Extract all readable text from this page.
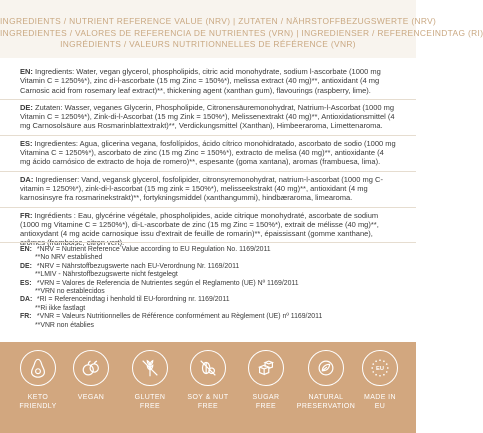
INGREDIENTS / NUTRIENT REFERENCE VALUE (NRV) | ZUTATEN / NÄHRSTOFFBEZUGSWERTE (NRV)
INGREDIENTES / VALORES DE REFERENCIA DE NUTRIENTES (VRN) | INGREDIENSER / REFERENCEINDTAG (RI)
INGRÉDIENTS / VALEURS NUTRITIONNELLES DE RÉFÉRENCE (VNR)
EN: Ingredients: Water, vegan glycerol, phospholipids, citric acid monohydrate, sodium l-ascorbate (1000 mg Vitamin C = 1250%*), zinc di-l-ascorbate (15 mg Zinc = 150%*), melissa extract (40 mg)**, antioxidant (4 mg Carnosic acid from rosemary leaf extract)**, thickening agent (xanthan gum), flavourings (raspberry, lime).
DE: Zutaten: Wasser, veganes Glycerin, Phospholipide, Citronensäuremonohydrat, Natrium-l-Ascorbat (1000 mg Vitamin C = 1250%*), Zink-di-l-Ascorbat (15 mg Zink = 150%*), Melissenextrakt (40 mg)**, Antioxidationsmittel (4 mg Carnosolsäure aus Rosmarinblattextrakt)**, Verdickungsmittel (Xanthan), Himbeeraroma, Limettenaroma.
ES: Ingredientes: Agua, glicerina vegana, fosfolípidos, ácido cítrico monohidratado, ascorbato de sodio (1000 mg Vitamina C = 1250%*), ascorbato de zinc (15 mg Zinc = 150%*), extracto de melisa (40 mg)**, antioxidante (4 mg ácido carnósico de extracto de hoja de romero)**, espesante (goma xantana), aromas (frambuesa, lima).
DA: Ingredienser: Vand, vegansk glycerol, fosfolipider, citronsyremonohydrat, natrium-l-ascorbat (1000 mg C-vitamin = 1250%*), zink-di-l-ascorbat (15 mg zink = 150%*), melisseekstrakt (40 mg)**, antioxidant (4 mg karnosinsyre fra rosmarinekstrakt)**, fortykningsmiddel (xanthangummi), hindbæraroma, limearoma.
FR: Ingrédients : Eau, glycérine végétale, phospholipides, acide citrique monohydraté, ascorbate de sodium (1000 mg Vitamine C = 1250%*), di-L-ascorbate de zinc (15 mg Zinc = 150%*), extrait de mélisse (40 mg)**, antioxydant (4 mg acide carnosique issu d'extrait de feuille de romarin)**, épaississant (gomme xanthane), arômes (framboise, citron vert).
EN: *NRV = Nutrient Reference Value according to EU Regulation No. 1169/2011
**No NRV established
DE: *NRV = Nährstoffbezugswerte nach EU-Verordnung Nr. 1169/2011
**LMIV - Nährstoffbezugswerte nicht festgelegt
ES: *VRN = Valores de Referencia de Nutrientes según el Reglamento (UE) Nº 1169/2011
**VRN no establecidos
DA: *RI = Referenceindtag i henhold til EU-forordning nr. 1169/2011
**Ri ikke fastlagt
FR: *VNR = Valeurs Nutritionnelles de Référence conformément au Règlement (UE) nº 1169/2011
**VNR non établies
KETO
FRIENDLY
VEGAN	GLUTEN
FREE
SOY & NUT
FREE
SUGAR
FREE
NATURAL
PRESERVATION
EU
MADE IN
EU
